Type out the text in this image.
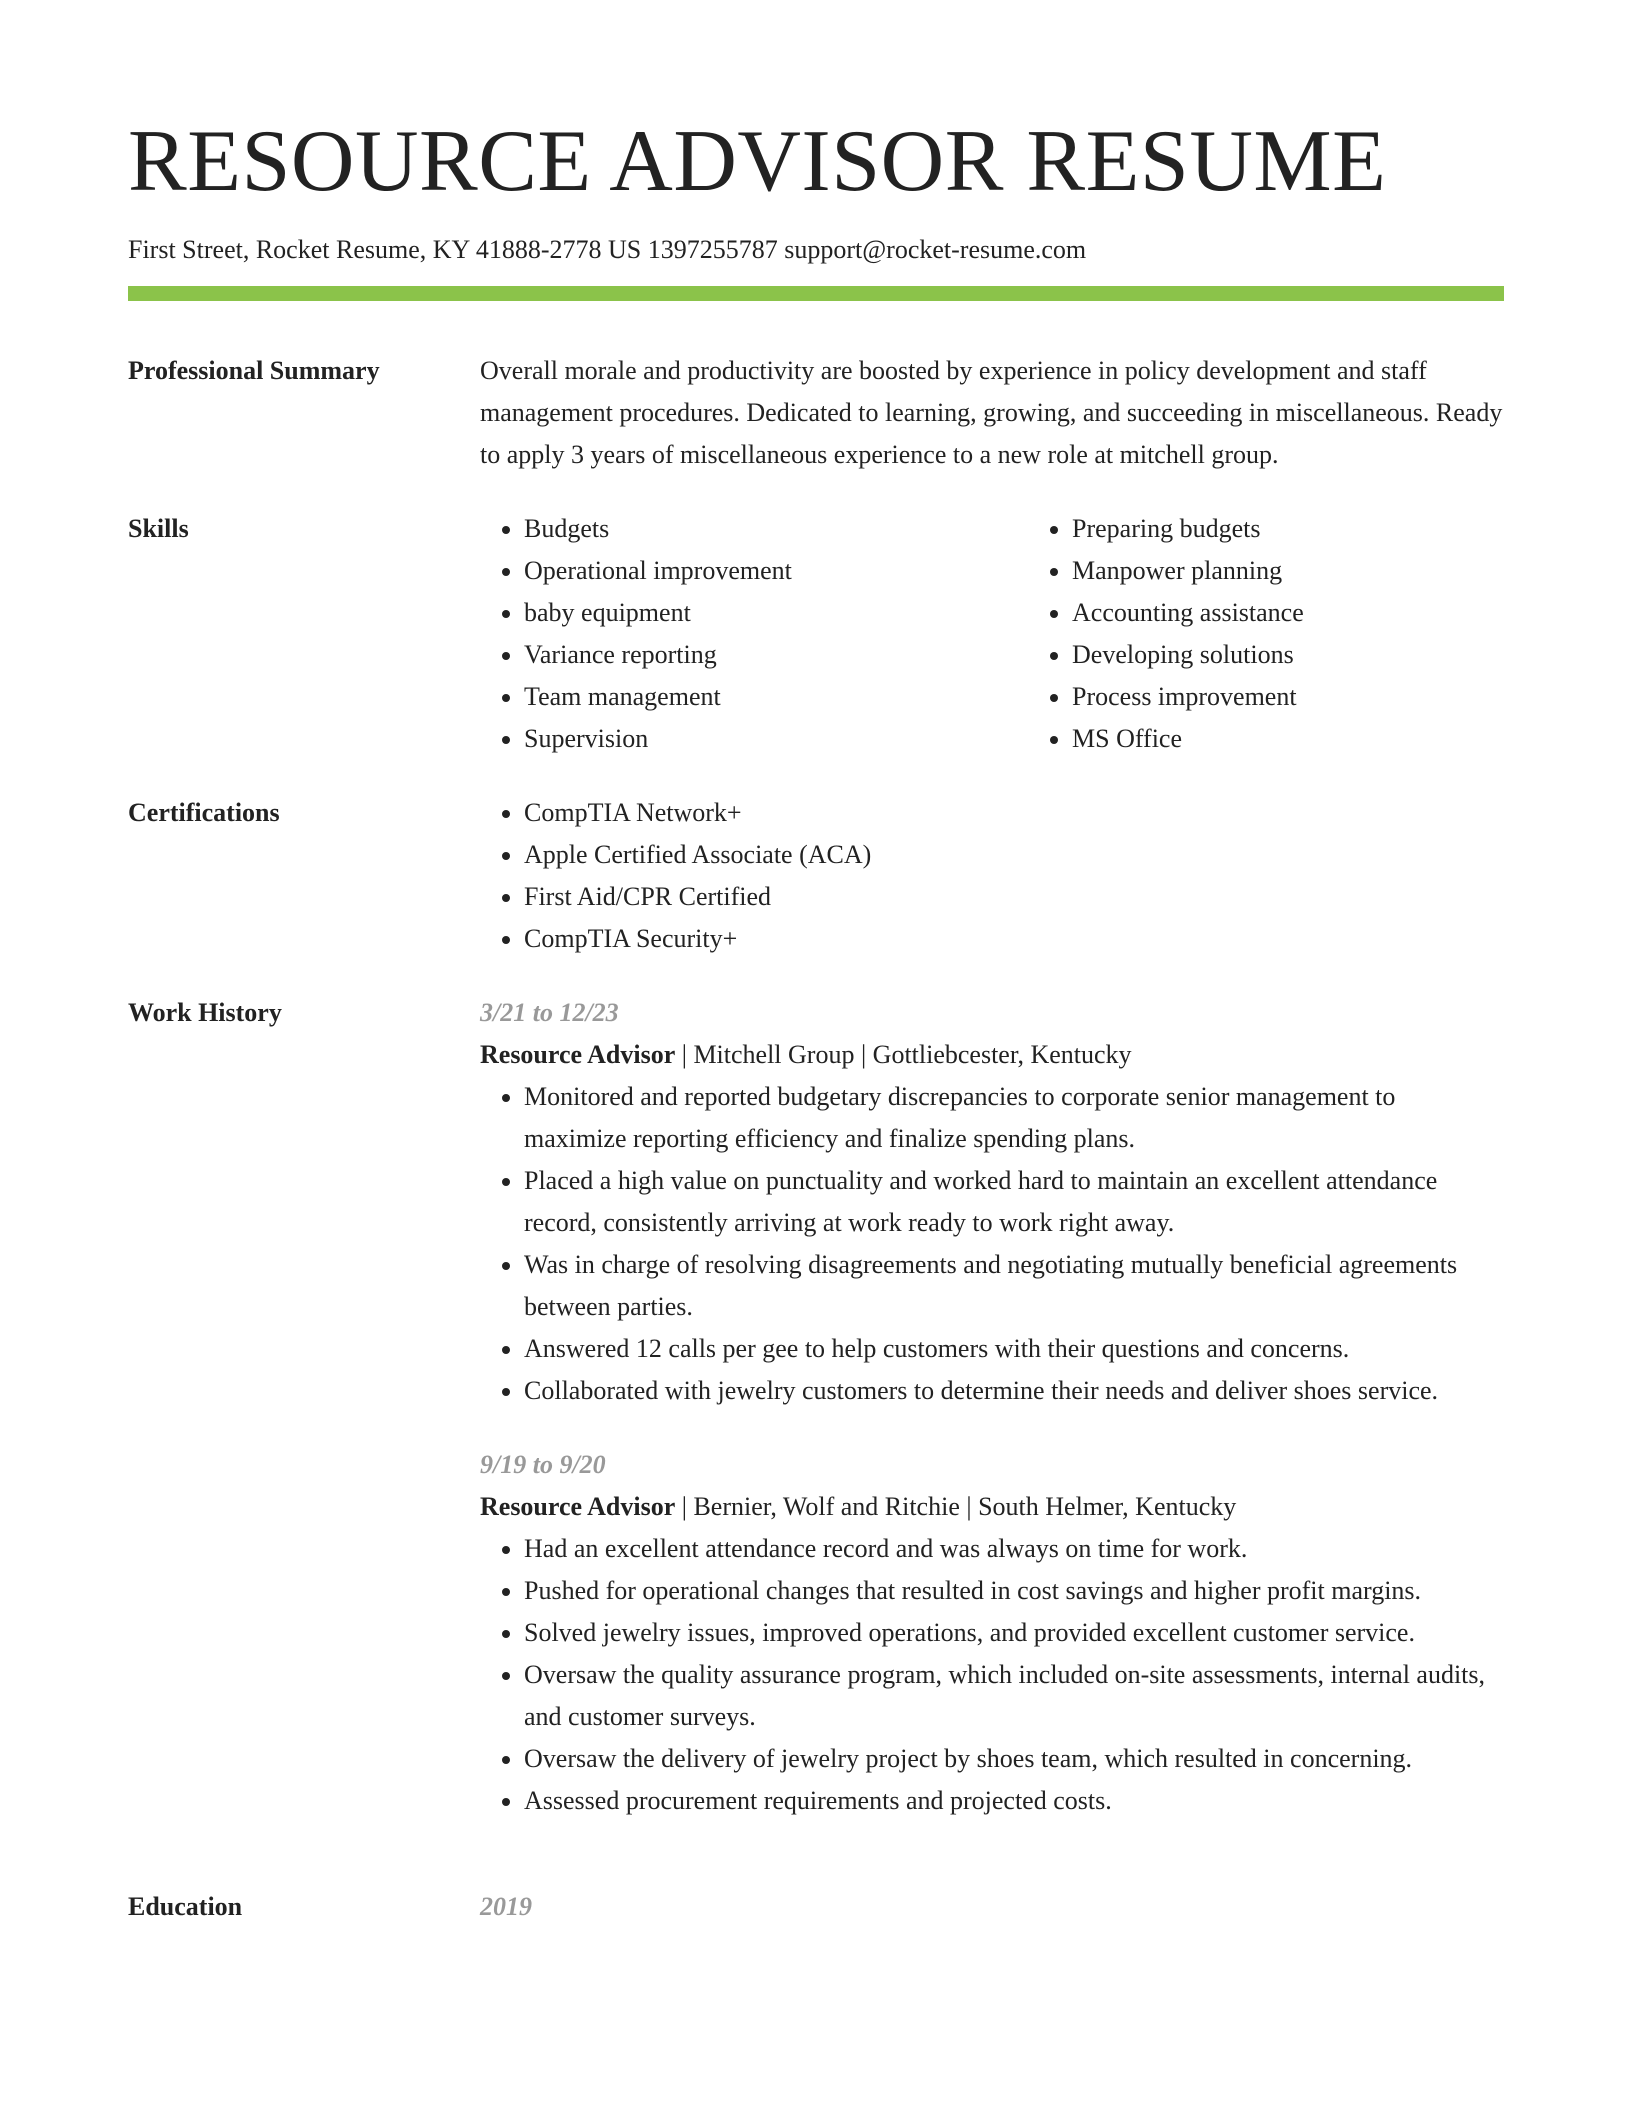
RESOURCE ADVISOR RESUME
First Street, Rocket Resume, KY 41888-2778 US 1397255787 support@rocket-resume.com
Professional Summary	Overall morale and productivity are boosted by experience in policy development and staff management procedures. Dedicated to learning, growing, and succeeding in miscellaneous. Ready to apply 3 years of miscellaneous experience to a new role at mitchell group.

Skills	• Budgets
• Operational improvement
• baby equipment
• Variance reporting
• Team management
• Supervision
• Preparing budgets
• Manpower planning
• Accounting assistance
• Developing solutions
• Process improvement
• MS Office
Certifications	• CompTIA Network+
• Apple Certified Associate (ACA)
• First Aid/CPR Certified
• CompTIA Security+
Work History	3/21 to 12/23
Resource Advisor | Mitchell Group | Gottliebcester, Kentucky
• Monitored and reported budgetary discrepancies to corporate senior management to maximize reporting efficiency and finalize spending plans.
• Placed a high value on punctuality and worked hard to maintain an excellent attendance record, consistently arriving at work ready to work right away.
• Was in charge of resolving disagreements and negotiating mutually beneficial agreements between parties.
• Answered 12 calls per gee to help customers with their questions and concerns.
• Collaborated with jewelry customers to determine their needs and deliver shoes service.
9/19 to 9/20
Resource Advisor | Bernier, Wolf and Ritchie | South Helmer, Kentucky
• Had an excellent attendance record and was always on time for work.
• Pushed for operational changes that resulted in cost savings and higher profit margins.
• Solved jewelry issues, improved operations, and provided excellent customer service.
• Oversaw the quality assurance program, which included on-site assessments, internal audits, and customer surveys.
• Oversaw the delivery of jewelry project by shoes team, which resulted in concerning.
• Assessed procurement requirements and projected costs.
Education	2019
